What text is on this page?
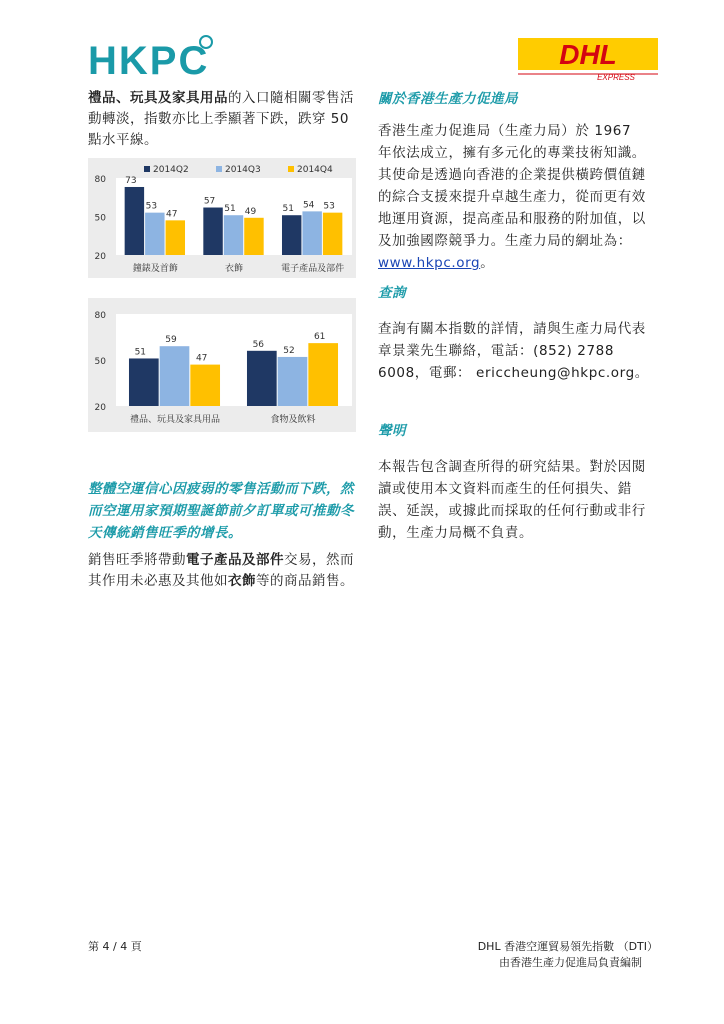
HKPC	DHL
EXPRESS
禮品、玩具及家具用品的入口隨相關零售活動轉淡，指數亦比上季顯著下跌，跌穿 50 點水平線。
20
50
80 73
53
47
鐘錶及首飾
57
51 49
衣飾
51 54 53
電子產品及部件
2014Q2	2014Q3	2014Q4
20
50
80
51
59
47
禮品、玩具及家具用品
56
52
61
食物及飲料
整體空運信心因疲弱的零售活動而下跌，然而空運用家預期聖誕節前夕訂單或可推動冬天傳統銷售旺季的增長。
銷售旺季將帶動電子產品及部件交易，然而其作用未必惠及其他如衣飾等的商品銷售。
關於香港生產力促進局
香港生產力促進局（生產力局）於 1967 年依法成立，擁有多元化的專業技術知識。其使命是透過向香港的企業提供橫跨價值鏈的綜合支援來提升卓越生產力，從而更有效地運用資源，提高產品和服務的附加值，以及加強國際競爭力。生產力局的網址為：www.hkpc.org。
查詢
查詢有關本指數的詳情，請與生產力局代表章景業先生聯絡，電話：(852) 2788 6008，電郵： ericcheung@hkpc.org。
聲明
本報告包含調查所得的研究結果。對於因閱讀或使用本文資料而產生的任何損失、錯誤、延誤，或據此而採取的任何行動或非行動，生產力局概不負責。
第 4 / 4 頁	DHL 香港空運貿易領先指數 （DTI）
由香港生產力促進局負責編制
